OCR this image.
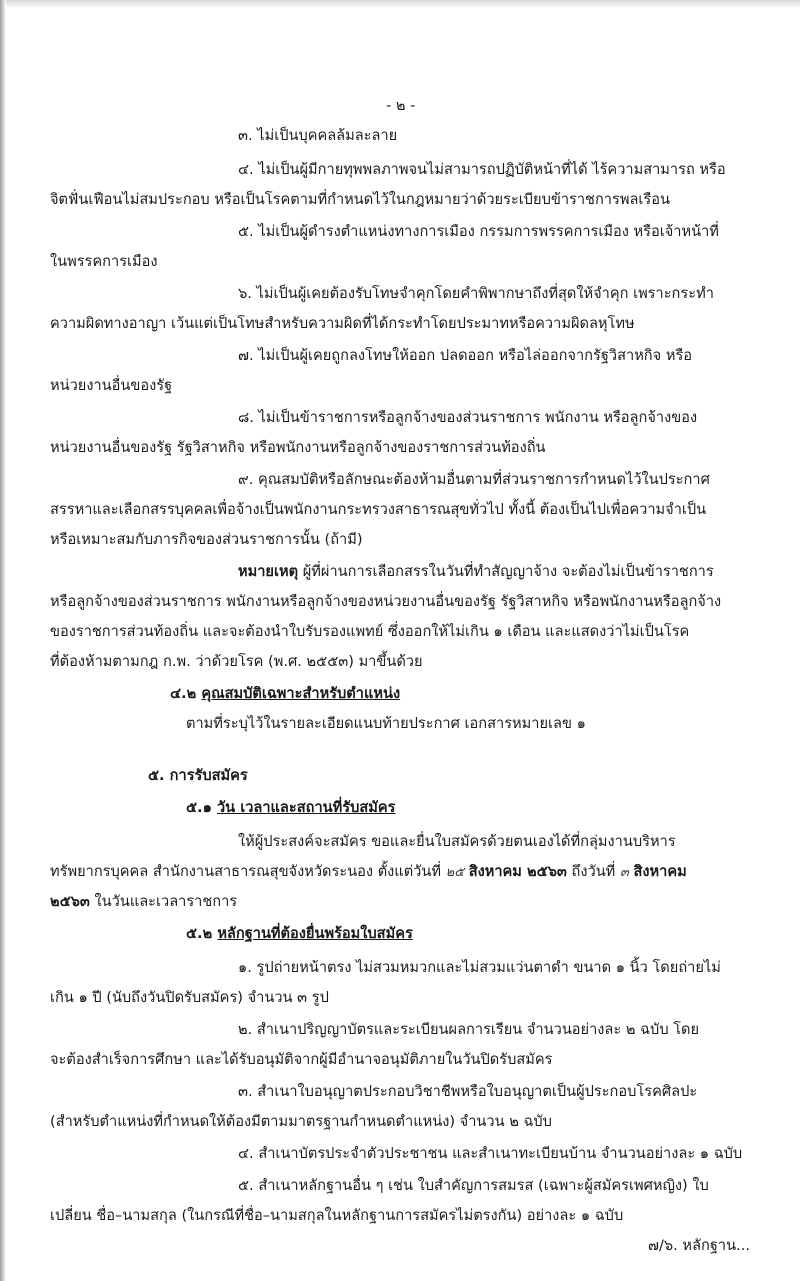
- ๒ -
๓. ไม่เป็นบุคคลล้มละลาย
๔. ไม่เป็นผู้มีกายทุพพลภาพจนไม่สามารถปฏิบัติหน้าที่ได้ ไร้ความสามารถ หรือ
จิตฟั่นเฟือนไม่สมประกอบ หรือเป็นโรคตามที่กำหนดไว้ในกฎหมายว่าด้วยระเบียบข้าราชการพลเรือน
๕. ไม่เป็นผู้ดำรงตำแหน่งทางการเมือง กรรมการพรรคการเมือง หรือเจ้าหน้าที่
ในพรรคการเมือง
๖. ไม่เป็นผู้เคยต้องรับโทษจำคุกโดยคำพิพากษาถึงที่สุดให้จำคุก เพราะกระทำ
ความผิดทางอาญา เว้นแต่เป็นโทษสำหรับความผิดที่ได้กระทำโดยประมาทหรือความผิดลหุโทษ
๗. ไม่เป็นผู้เคยถูกลงโทษให้ออก ปลดออก หรือไล่ออกจากรัฐวิสาหกิจ หรือ
หน่วยงานอื่นของรัฐ
๘. ไม่เป็นข้าราชการหรือลูกจ้างของส่วนราชการ พนักงาน หรือลูกจ้างของ
หน่วยงานอื่นของรัฐ รัฐวิสาหกิจ หรือพนักงานหรือลูกจ้างของราชการส่วนท้องถิ่น
๙. คุณสมบัติหรือลักษณะต้องห้ามอื่นตามที่ส่วนราชการกำหนดไว้ในประกาศ
สรรหาและเลือกสรรบุคคลเพื่อจ้างเป็นพนักงานกระทรวงสาธารณสุขทั่วไป ทั้งนี้ ต้องเป็นไปเพื่อความจำเป็น
หรือเหมาะสมกับภารกิจของส่วนราชการนั้น (ถ้ามี)
หมายเหตุ ผู้ที่ผ่านการเลือกสรรในวันที่ทำสัญญาจ้าง จะต้องไม่เป็นข้าราชการ
หรือลูกจ้างของส่วนราชการ พนักงานหรือลูกจ้างของหน่วยงานอื่นของรัฐ รัฐวิสาหกิจ หรือพนักงานหรือลูกจ้าง
ของราชการส่วนท้องถิ่น และจะต้องนำใบรับรองแพทย์ ซึ่งออกให้ไม่เกิน ๑ เดือน และแสดงว่าไม่เป็นโรค
ที่ต้องห้ามตามกฎ ก.พ. ว่าด้วยโรค (พ.ศ. ๒๕๕๓) มาขึ้นด้วย
๔.๒ คุณสมบัติเฉพาะสำหรับตำแหน่ง
ตามที่ระบุไว้ในรายละเอียดแนบท้ายประกาศ เอกสารหมายเลข ๑
๕. การรับสมัคร
๕.๑ วัน เวลาและสถานที่รับสมัคร
ให้ผู้ประสงค์จะสมัคร ขอและยื่นใบสมัครด้วยตนเองได้ที่กลุ่มงานบริหาร
ทรัพยากรบุคคล สำนักงานสาธารณสุขจังหวัดระนอง ตั้งแต่วันที่ ๒๕ สิงหาคม ๒๕๖๓ ถึงวันที่ ๓ สิงหาคม
๒๕๖๓ ในวันและเวลาราชการ
๕.๒ หลักฐานที่ต้องยื่นพร้อมใบสมัคร
๑. รูปถ่ายหน้าตรง ไม่สวมหมวกและไม่สวมแว่นตาดำ ขนาด ๑ นิ้ว โดยถ่ายไม่
เกิน ๑ ปี (นับถึงวันปิดรับสมัคร) จำนวน ๓ รูป
๒. สำเนาปริญญาบัตรและระเบียนผลการเรียน จำนวนอย่างละ ๒ ฉบับ โดย
จะต้องสำเร็จการศึกษา และได้รับอนุมัติจากผู้มีอำนาจอนุมัติภายในวันปิดรับสมัคร
๓. สำเนาใบอนุญาตประกอบวิชาชีพหรือใบอนุญาตเป็นผู้ประกอบโรคศิลปะ
(สำหรับตำแหน่งที่กำหนดให้ต้องมีตามมาตรฐานกำหนดตำแหน่ง) จำนวน ๒ ฉบับ
๔. สำเนาบัตรประจำตัวประชาชน และสำเนาทะเบียนบ้าน จำนวนอย่างละ ๑ ฉบับ
๕. สำเนาหลักฐานอื่น ๆ เช่น ใบสำคัญการสมรส (เฉพาะผู้สมัครเพศหญิง) ใบ
เปลี่ยน ชื่อ–นามสกุล (ในกรณีที่ชื่อ–นามสกุลในหลักฐานการสมัครไม่ตรงกัน) อย่างละ ๑ ฉบับ
๗/๖. หลักฐาน...
